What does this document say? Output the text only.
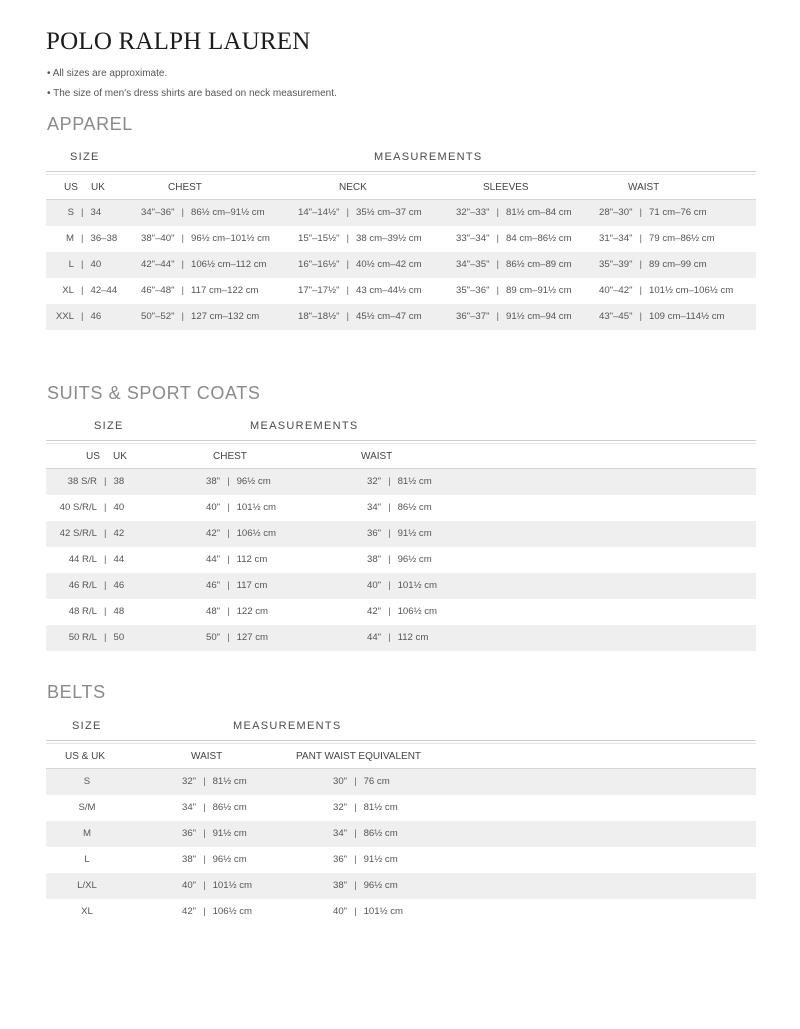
POLO RALPH LAUREN
• All sizes are approximate.
• The size of men's dress shirts are based on neck measurement.
APPAREL
SIZE	MEASUREMENTS
US UK	CHEST	NECK	SLEEVES	WAIST
S | 34	34"–36" | 86½ cm–91½ cm	14"–14½" | 35½ cm–37 cm	32"–33" | 81½ cm–84 cm	28"–30" | 71 cm–76 cm
M | 36–38	38"–40" | 96½ cm–101½ cm	15"–15½" | 38 cm–39½ cm	33"–34" | 84 cm–86½ cm	31"–34" | 79 cm–86½ cm
L | 40	42"–44" | 106½ cm–112 cm	16"–16½" | 40½ cm–42 cm	34"–35" | 86½ cm–89 cm	35"–39" | 89 cm–99 cm
XL | 42–44	46"–48" | 117 cm–122 cm	17"–17½" | 43 cm–44½ cm	35"–36" | 89 cm–91½ cm	40"–42" | 101½ cm–106½ cm
XXL | 46	50"–52" | 127 cm–132 cm	18"–18½" | 45½ cm–47 cm	36"–37" | 91½ cm–94 cm	43"–45" | 109 cm–114½ cm
SUITS & SPORT COATS
SIZE	MEASUREMENTS
US UK	CHEST	WAIST
38 S/R | 38	38" | 96½ cm	32" | 81½ cm
40 S/R/L | 40	40" | 101½ cm	34" | 86½ cm
42 S/R/L | 42	42" | 106½ cm	36" | 91½ cm
44 R/L | 44	44" | 112 cm	38" | 96½ cm
46 R/L | 46	46" | 117 cm	40" | 101½ cm
48 R/L | 48	48" | 122 cm	42" | 106½ cm
50 R/L | 50	50" | 127 cm	44" | 112 cm
BELTS
SIZE	MEASUREMENTS
US & UK	WAIST	PANT WAIST EQUIVALENT
S	32" | 81½ cm	30" | 76 cm
S/M	34" | 86½ cm	32" | 81½ cm
M	36" | 91½ cm	34" | 86½ cm
L	38" | 96½ cm	36" | 91½ cm
L/XL	40" | 101½ cm	38" | 96½ cm
XL	42" | 106½ cm	40" | 101½ cm
